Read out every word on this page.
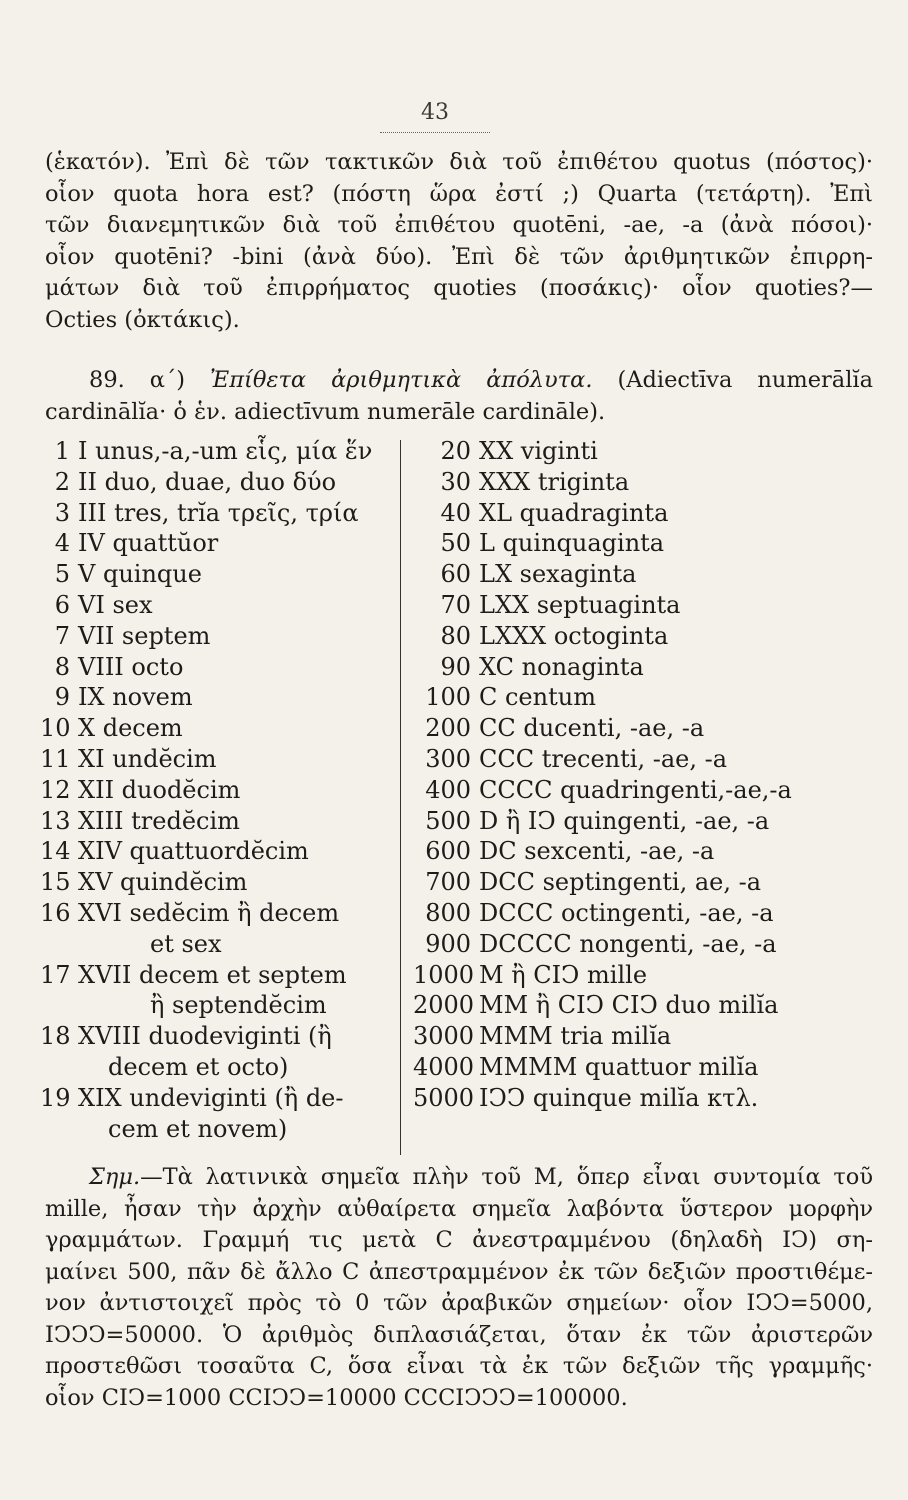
43

(ἑκατόν). Ἐπὶ δὲ τῶν τακτικῶν διὰ τοῦ ἐπιθέτου quotus (πόστος)·

οἷον quota hora est? (πόστη ὥρα ἐστί ;) Quarta (τετάρτη). Ἐπὶ

τῶν διανεμητικῶν διὰ τοῦ ἐπιθέτου quotēni, -ae, -a (ἀνὰ πόσοι)·

οἷον quotēni? -bini (ἀνὰ δύο). Ἐπὶ δὲ τῶν ἀριθμητικῶν ἐπιρρη-

μάτων διὰ τοῦ ἐπιρρήματος quoties (ποσάκις)· οἷον quoties?—

Octies (ὀκτάκις).

89. α΄) Ἐπίθετα ἀριθμητικὰ ἀπόλυτα. (Adiectīva numerālĭa

cardinālĭa· ὁ ἑν. adiectīvum numerāle cardināle).

1 I unus,-a,-um εἷς, μία ἕν
2 II duo, duae, duo δύο
3 III tres, trĭa τρεῖς, τρία
4 IV quattŭor
5 V quinque
6 VI sex
7 VII septem
8 VIII octo
9 IX novem
10 X decem
11 XI undĕcim
12 XII duodĕcim
13 XIII tredĕcim
14 XIV quattuordĕcim
15 XV quindĕcim
16 XVI sedĕcim ἢ decem
et sex
17 XVII decem et septem
ἢ septendĕcim
18 XVIII duodeviginti (ἢ
decem et octo)
19 XIX undeviginti (ἢ de-
cem et novem)
20 XX viginti
30 XXX triginta
40 XL quadraginta
50 L quinquaginta
60 LX sexaginta
70 LXX septuaginta
80 LXXX octoginta
90 XC nonaginta
100 C centum
200 CC ducenti, -ae, -a
300 CCC trecenti, -ae, -a
400 CCCC quadringenti,-ae,-a
500 D ἢ IↃ quingenti, -ae, -a
600 DC sexcenti, -ae, -a
700 DCC septingenti, ae, -a
800 DCCC octingenti, -ae, -a
900 DCCCC nongenti, -ae, -a
1000 M ἢ CIↃ mille
2000 MM ἢ CIↃ CIↃ duo milĭa
3000 MMM tria milĭa
4000 MMMM quattuor milĭa
5000 IↃↃ quinque milĭa κτλ.

Σημ.—Τὰ λατινικὰ σημεῖα πλὴν τοῦ M, ὅπερ εἶναι συντομία τοῦ

mille, ἦσαν τὴν ἀρχὴν αὐθαίρετα σημεῖα λαβόντα ὕστερον μορφὴν

γραμμάτων. Γραμμή τις μετὰ C ἀνεστραμμένου (δηλαδὴ IↃ) ση-

μαίνει 500, πᾶν δὲ ἄλλο C ἀπεστραμμένον ἐκ τῶν δεξιῶν προστιθέμε-

νον ἀντιστοιχεῖ πρὸς τὸ 0 τῶν ἀραβικῶν σημείων· οἷον IↃↃ=5000,

IↃↃↃ=50000. Ὁ ἀριθμὸς διπλασιάζεται, ὅταν ἐκ τῶν ἀριστερῶν

προστεθῶσι τοσαῦτα C, ὅσα εἶναι τὰ ἐκ τῶν δεξιῶν τῆς γραμμῆς·

οἷον CIↃ=1000 CCIↃↃ=10000 CCCIↃↃↃ=100000.
